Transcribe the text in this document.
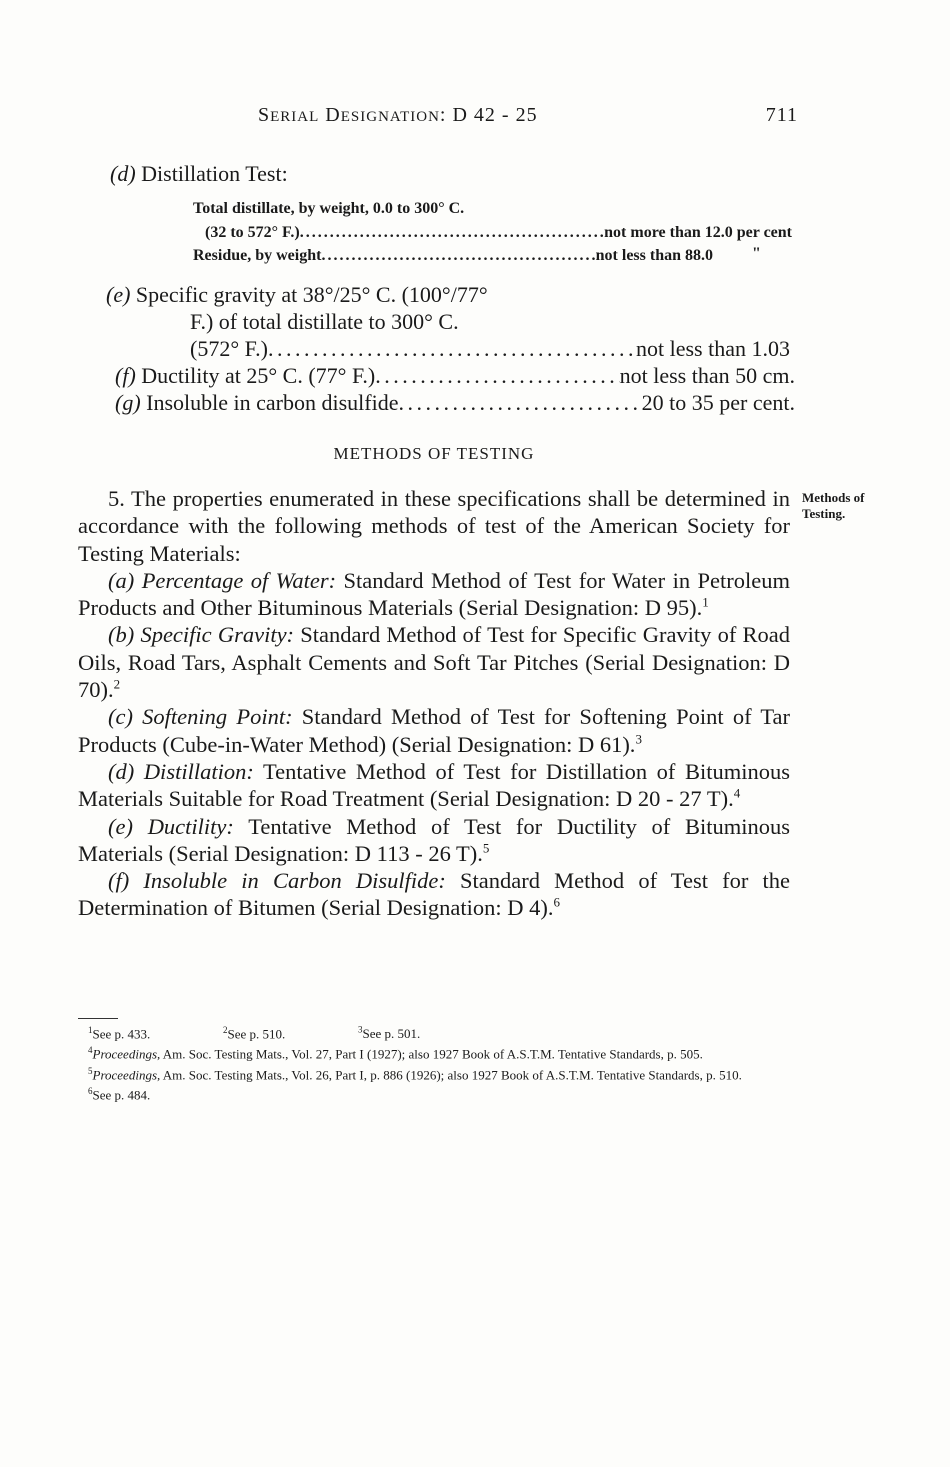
SERIAL DESIGNATION: D 42 - 25	711
(d) Distillation Test:
Total distillate, by weight, 0.0 to 300° C.
(32 to 572° F.) . . .	not more than 12.0 per cent
Residue, by weight . . .	not less than 88.0 "
(e) Specific gravity at 38°/25° C. (100°/77°
F.) of total distillate to 300° C.
(572° F.) . . .	not less than 1.03
(f) Ductility at 25° C. (77° F.) . . .	not less than 50 cm.
(g) Insoluble in carbon disulfide . . .	20 to 35 per cent.
METHODS OF TESTING
Methods of
Testing.

5. The properties enumerated in these specifications shall be determined in accordance with the following methods of test of the American Society for Testing Materials:

(a) Percentage of Water: Standard Method of Test for Water in Petroleum Products and Other Bituminous Materials (Serial Designation: D 95).$^1$

(b) Specific Gravity: Standard Method of Test for Specific Gravity of Road Oils, Road Tars, Asphalt Cements and Soft Tar Pitches (Serial Designation: D 70).$^2$

(c) Softening Point: Standard Method of Test for Softening Point of Tar Products (Cube-in-Water Method) (Serial Designation: D 61).$^3$

(d) Distillation: Tentative Method of Test for Distillation of Bituminous Materials Suitable for Road Treatment (Serial Designation: D 20 - 27 T).$^4$

(e) Ductility: Tentative Method of Test for Ductility of Bituminous Materials (Serial Designation: D 113 - 26 T).$^5$

(f) Insoluble in Carbon Disulfide: Standard Method of Test for the Determination of Bitumen (Serial Designation: D 4).$^6$

$^1$See p. 433.	$^2$See p. 510.	$^3$See p. 501.

$^4$Proceedings, Am. Soc. Testing Mats., Vol. 27, Part I (1927); also 1927 Book of A.S.T.M. Tentative Standards, p. 505.

$^5$Proceedings, Am. Soc. Testing Mats., Vol. 26, Part I, p. 886 (1926); also 1927 Book of A.S.T.M. Tentative Standards, p. 510.

$^6$See p. 484.
